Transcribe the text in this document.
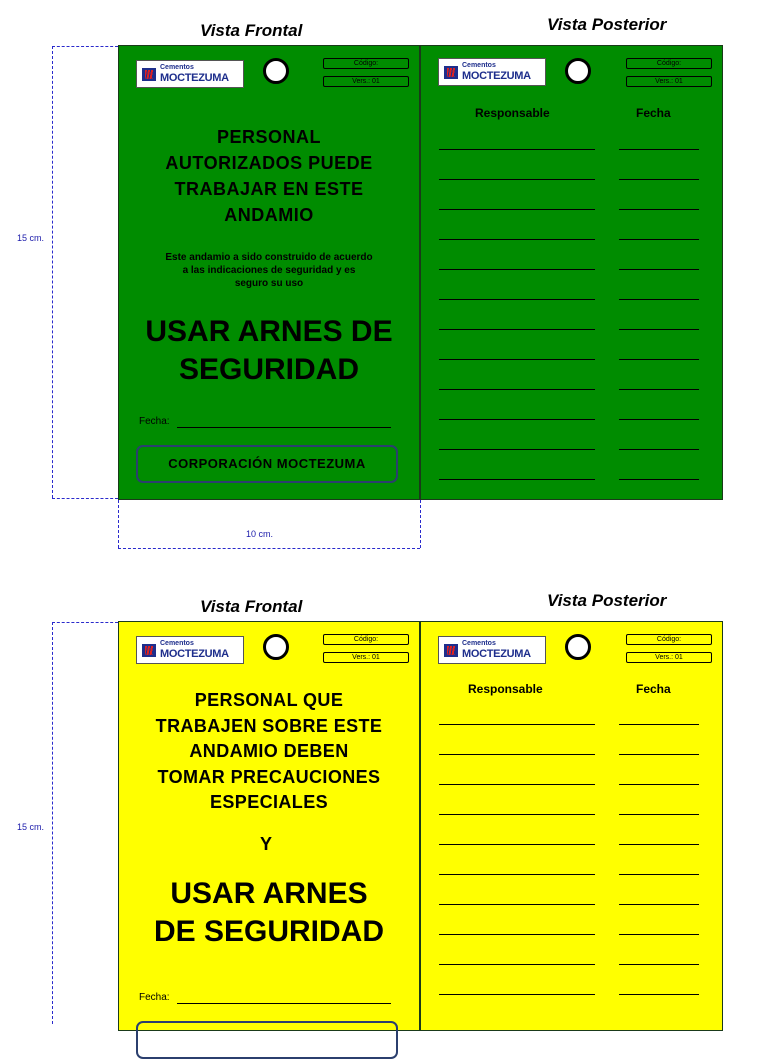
Vista Frontal	Vista Posterior
15 cm.
10 cm.
Cementos
MOCTEZUMA
Código:
Vers.: 01
PERSONAL
AUTORIZADOS PUEDE
TRABAJAR EN ESTE
ANDAMIO
Este andamio a sido construido de acuerdo
a las indicaciones de seguridad y es
seguro su uso
USAR ARNES DE
SEGURIDAD
Fecha:
CORPORACIÓN MOCTEZUMA
Cementos
MOCTEZUMA
Código:
Vers.: 01
Responsable	Fecha
Vista Frontal	Vista Posterior
15 cm.
Cementos
MOCTEZUMA
Código:
Vers.: 01
PERSONAL QUE
TRABAJEN SOBRE ESTE
ANDAMIO DEBEN
TOMAR PRECAUCIONES
ESPECIALES
Y
USAR ARNES
DE SEGURIDAD
Fecha:
Cementos
MOCTEZUMA
Código:
Vers.: 01
Responsable	Fecha
